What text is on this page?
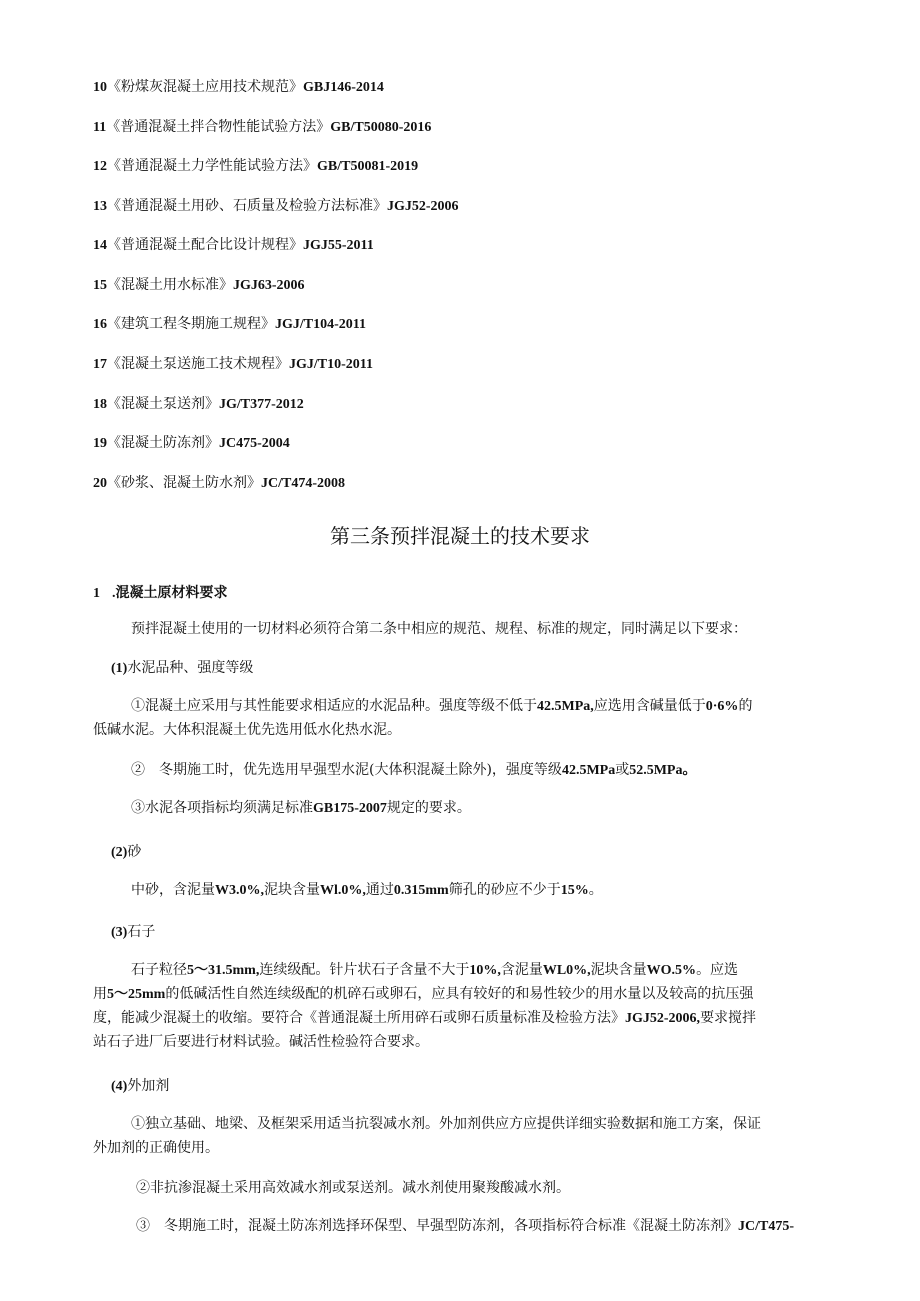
10《粉煤灰混凝土应用技术规范》GBJ146-2014
11《普通混凝土拌合物性能试验方法》GB/T50080-2016
12《普通混凝土力学性能试验方法》GB/T50081-2019
13《普通混凝土用砂、石质量及检验方法标准》JGJ52-2006
14《普通混凝土配合比设计规程》JGJ55-2011
15《混凝土用水标准》JGJ63-2006
16《建筑工程冬期施工规程》JGJ/T104-2011
17《混凝土泵送施工技术规程》JGJ/T10-2011
18《混凝土泵送剂》JG/T377-2012
19《混凝土防冻剂》JC475-2004
20《砂浆、混凝土防水剂》JC/T474-2008
第三条预拌混凝土的技术要求
1 .混凝土原材料要求
预拌混凝土使用的一切材料必须符合第二条中相应的规范、规程、标准的规定，同时满足以下要求：
(1)水泥品种、强度等级
①混凝土应采用与其性能要求相适应的水泥品种。强度等级不低于42.5MPa,应选用含碱量低于0·6%的
低碱水泥。大体积混凝土优先选用低水化热水泥。
②　冬期施工时，优先选用早强型水泥(大体积混凝土除外)，强度等级42.5MPa或52.5MPa。
③水泥各项指标均须满足标准GB175-2007规定的要求。
(2)砂
中砂，含泥量W3.0%,泥块含量Wl.0%,通过0.315mm筛孔的砂应不少于15%。
(3)石子
石子粒径5～31.5mm,连续级配。针片状石子含量不大于10%,含泥量WL0%,泥块含量WO.5%。应选
用5～25mm的低碱活性自然连续级配的机碎石或卵石，应具有较好的和易性较少的用水量以及较高的抗压强
度，能减少混凝土的收缩。要符合《普通混凝土所用碎石或卵石质量标准及检验方法》JGJ52-2006,要求搅拌
站石子进厂后要进行材料试验。碱活性检验符合要求。
(4)外加剂
①独立基础、地梁、及框架采用适当抗裂减水剂。外加剂供应方应提供详细实验数据和施工方案，保证
外加剂的正确使用。
②非抗渗混凝土采用高效减水剂或泵送剂。减水剂使用聚羧酸减水剂。
③　冬期施工时，混凝土防冻剂选择环保型、早强型防冻剂，各项指标符合标准《混凝土防冻剂》JC/T475-
